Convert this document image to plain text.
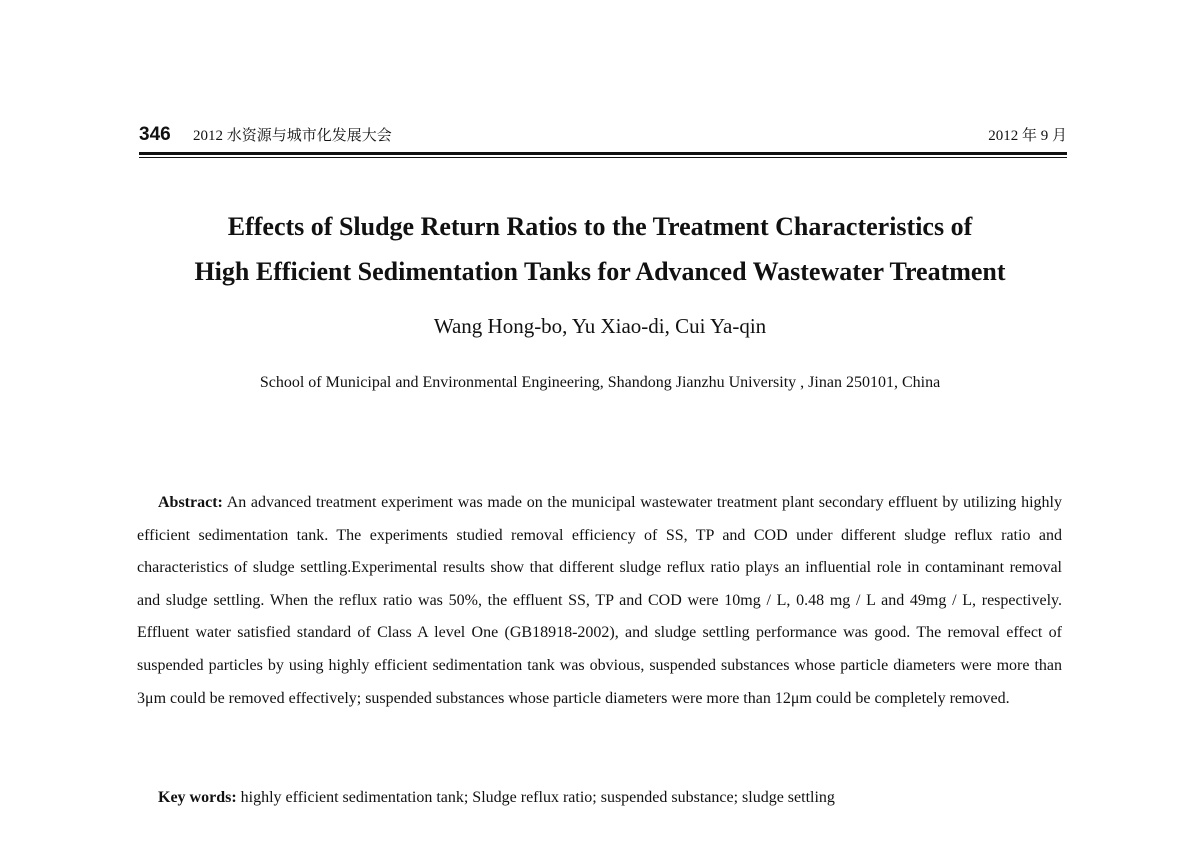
346 2012 水资源与城市化发展大会	2012 年 9 月
Effects of Sludge Return Ratios to the Treatment Characteristics of
High Efficient Sedimentation Tanks for Advanced Wastewater Treatment
Wang Hong-bo, Yu Xiao-di, Cui Ya-qin
School of Municipal and Environmental Engineering, Shandong Jianzhu University , Jinan 250101, China

Abstract: An advanced treatment experiment was made on the municipal wastewater treatment plant secondary effluent by utilizing highly efficient sedimentation tank. The experiments studied removal efficiency of SS, TP and COD under different sludge reflux ratio and characteristics of sludge settling.Experimental results show that different sludge reflux ratio plays an influential role in contaminant removal and sludge settling. When the reflux ratio was 50%, the effluent SS, TP and COD were 10mg / L, 0.48 mg / L and 49mg / L, respectively. Effluent water satisfied standard of Class A level One (GB18918-2002), and sludge settling performance was good. The removal effect of suspended particles by using highly efficient sedimentation tank was obvious, suspended substances whose particle diameters were more than 3μm could be removed effectively; suspended substances whose particle diameters were more than 12μm could be completely removed.

Key words: highly efficient sedimentation tank; Sludge reflux ratio; suspended substance; sludge settling
